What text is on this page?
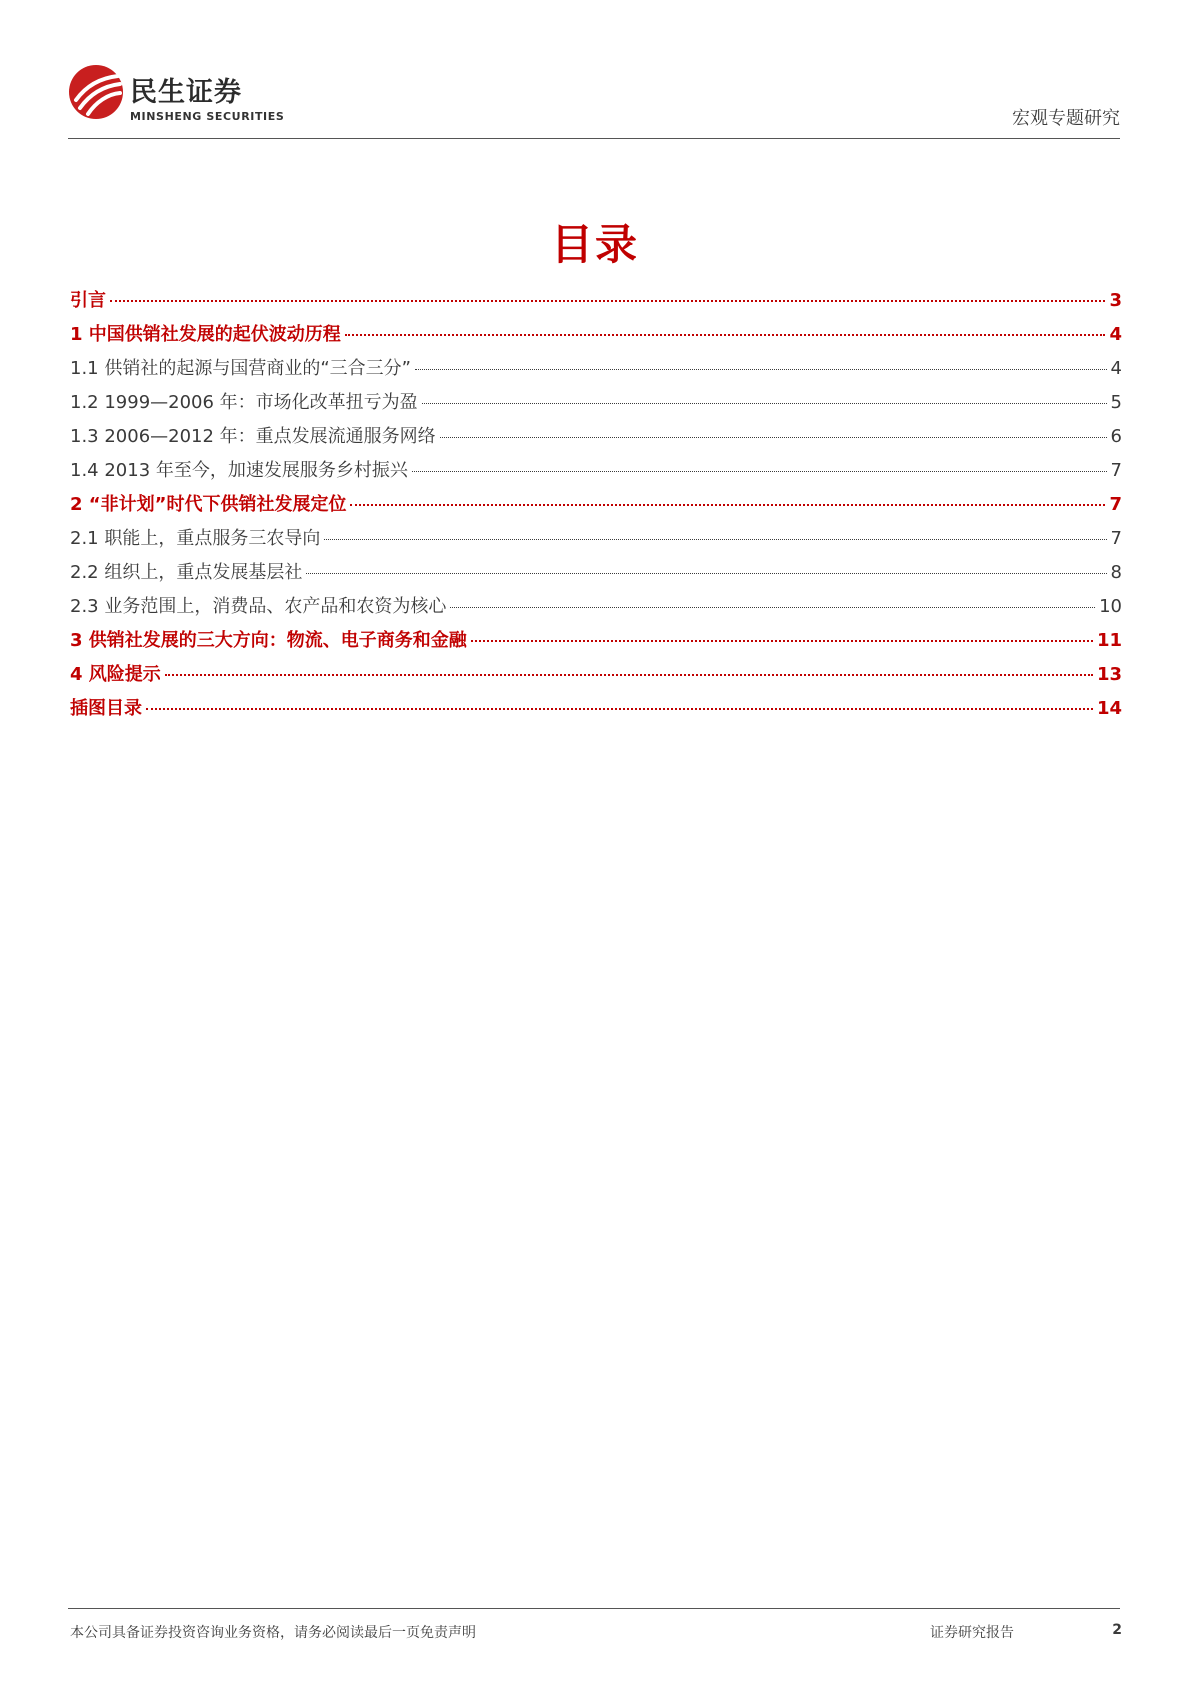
民生证券
MINSHENG SECURITIES	宏观专题研究
目录
引言	3
1 中国供销社发展的起伏波动历程	4
1.1 供销社的起源与国营商业的“三合三分”	4
1.2 1999—2006 年：市场化改革扭亏为盈	5
1.3 2006—2012 年：重点发展流通服务网络	6
1.4 2013 年至今，加速发展服务乡村振兴	7
2 “非计划”时代下供销社发展定位	7
2.1 职能上，重点服务三农导向	7
2.2 组织上，重点发展基层社	8
2.3 业务范围上，消费品、农产品和农资为核心	10
3 供销社发展的三大方向：物流、电子商务和金融	11
4 风险提示	13
插图目录	14
本公司具备证券投资咨询业务资格，请务必阅读最后一页免责声明	证券研究报告	2
